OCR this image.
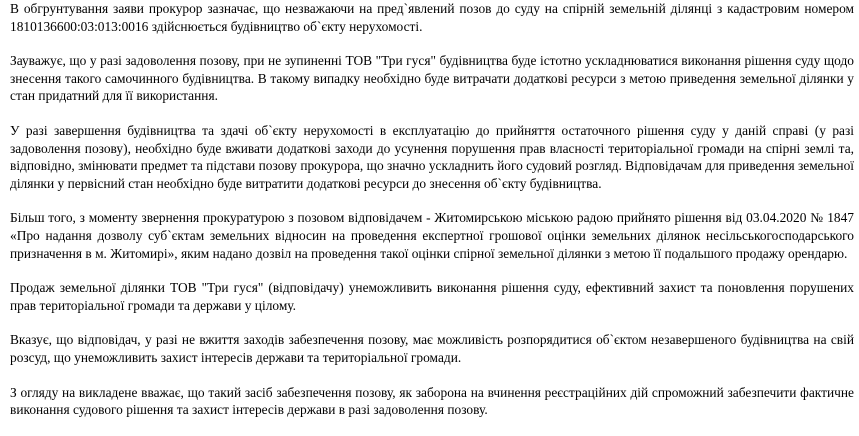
В обгрунтування заяви прокурор зазначає, що незважаючи на пред`явлений позов до суду на спірній земельній ділянці з кадастровим номером 1810136600:03:013:0016 здійснюється будівництво об`єкту нерухомості.

Зауважує, що у разі задоволення позову, при не зупиненні ТОВ "Три гуся" будівництва буде істотно ускладнюватися виконання рішення суду щодо знесення такого самочинного будівництва. В такому випадку необхідно буде витрачати додаткові ресурси з метою приведення земельної ділянки у стан придатний для її використання.

У разі завершення будівництва та здачі об`єкту нерухомості в експлуатацію до прийняття остаточного рішення суду у даній справі (у разі задоволення позову), необхідно буде вживати додаткові заходи до усунення порушення прав власності територіальної громади на спірні землі та, відповідно, змінювати предмет та підстави позову прокурора, що значно ускладнить його судовий розгляд. Відповідачам для приведення земельної ділянки у первісний стан необхідно буде витратити додаткові ресурси до знесення об`єкту будівництва.

Більш того, з моменту звернення прокуратурою з позовом відповідачем - Житомирською міською радою прийнято рішення від 03.04.2020 № 1847 «Про надання дозволу суб`єктам земельних відносин на проведення експертної грошової оцінки земельних ділянок несільськогосподарського призначення в м. Житомирі», яким надано дозвіл на проведення такої оцінки спірної земельної ділянки з метою її подальшого продажу орендарю.

Продаж земельної ділянки ТОВ "Три гуся" (відповідачу) унеможливить виконання рішення суду, ефективний захист та поновлення порушених прав територіальної громади та держави у цілому.

Вказує, що відповідач, у разі не вжиття заходів забезпечення позову, має можливість розпорядитися об`єктом незавершеного будівництва на свій розсуд, що унеможливить захист інтересів держави та територіальної громади.

З огляду на викладене вважає, що такий засіб забезпечення позову, як заборона на вчинення реєстраційних дій спроможний забезпечити фактичне виконання судового рішення та захист інтересів держави в разі задоволення позову.
